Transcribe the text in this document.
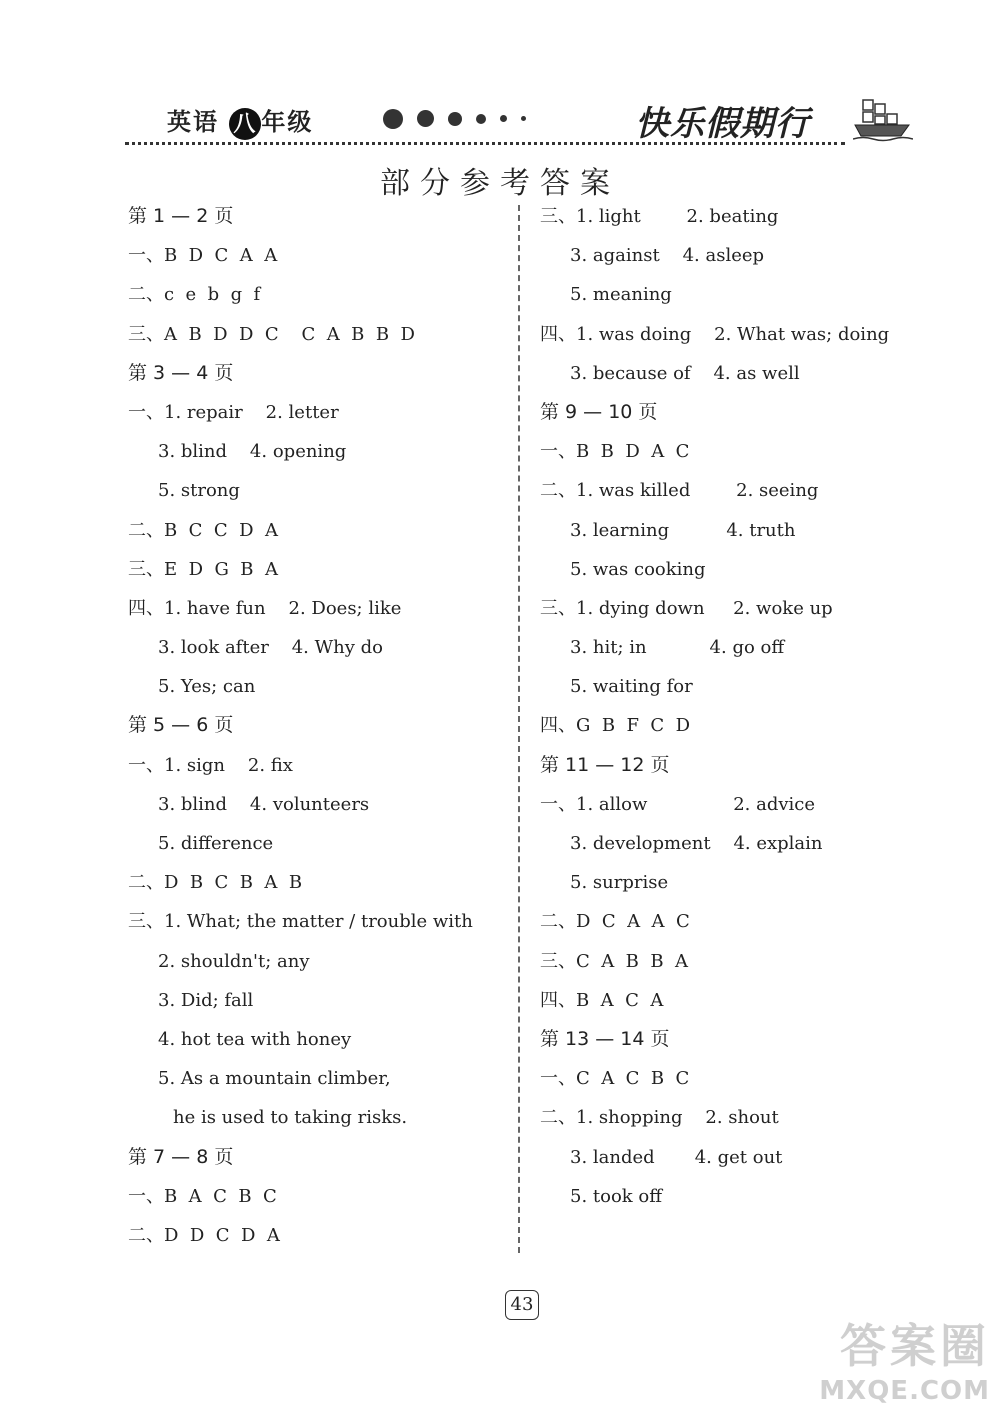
英语 八 年级	快乐假期行
部分参考答案
第 1 — 2 页
一、B  D  C  A  A
二、c  e  b  g  f
三、A  B  D  D  C    C  A  B  B  D
第 3 — 4 页
一、1. repair    2. letter
3. blind    4. opening
5. strong
二、B  C  C  D  A
三、E  D  G  B  A
四、1. have fun    2. Does; like
3. look after    4. Why do
5. Yes; can
第 5 — 6 页
一、1. sign    2. fix
3. blind    4. volunteers
5. difference
二、D  B  C  B  A  B
三、1. What; the matter / trouble with
2. shouldn't; any
3. Did; fall
4. hot tea with honey
5. As a mountain climber,
he is used to taking risks.
第 7 — 8 页
一、B  A  C  B  C
二、D  D  C  D  A
三、1. light        2. beating
3. against    4. asleep
5. meaning
四、1. was doing    2. What was; doing
3. because of    4. as well
第 9 — 10 页
一、B  B  D  A  C
二、1. was killed        2. seeing
3. learning          4. truth
5. was cooking
三、1. dying down     2. woke up
3. hit; in           4. go off
5. waiting for
四、G  B  F  C  D
第 11 — 12 页
一、1. allow               2. advice
3. development    4. explain
5. surprise
二、D  C  A  A  C
三、C  A  B  B  A
四、B  A  C  A
第 13 — 14 页
一、C  A  C  B  C
二、1. shopping    2. shout
3. landed       4. get out
5. took off
43
答案圈
MXQE.COM
